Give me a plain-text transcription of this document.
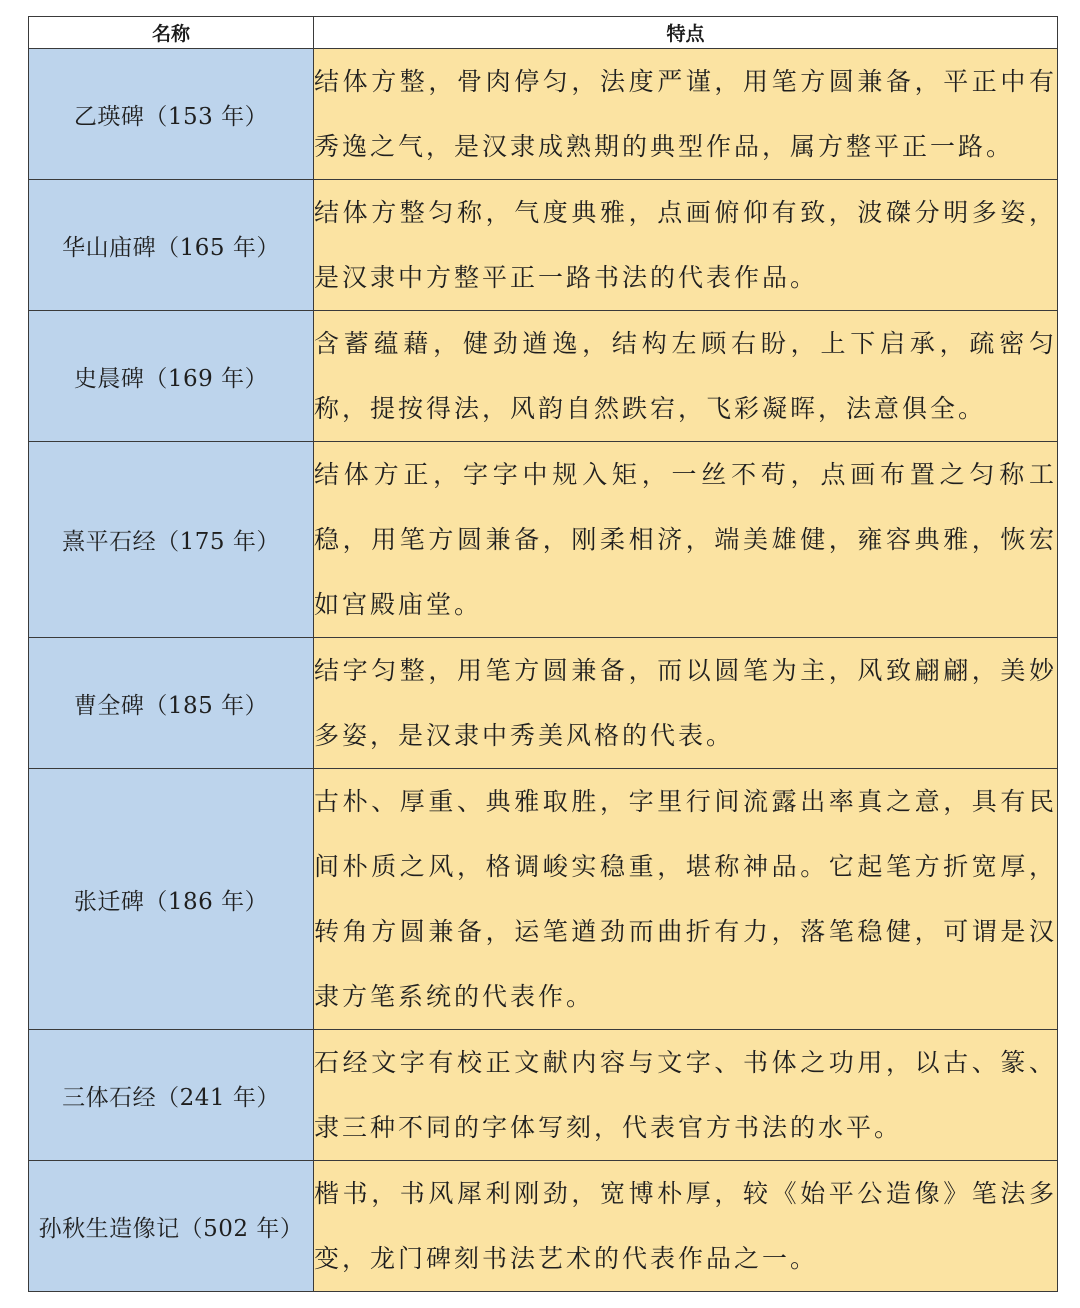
名称	特点
乙瑛碑（153 年）	结体方整，骨肉停匀，法度严谨，用笔方圆兼备，平正中有秀逸之气，是汉隶成熟期的典型作品，属方整平正一路。
华山庙碑（165 年）	结体方整匀称，气度典雅，点画俯仰有致，波磔分明多姿，是汉隶中方整平正一路书法的代表作品。
史晨碑（169 年）	含蓄蕴藉，健劲遒逸，结构左顾右盼，上下启承，疏密匀称，提按得法，风韵自然跌宕，飞彩凝晖，法意俱全。
熹平石经（175 年）	结体方正，字字中规入矩，一丝不苟，点画布置之匀称工稳，用笔方圆兼备，刚柔相济，端美雄健，雍容典雅，恢宏如宫殿庙堂。
曹全碑（185 年）	结字匀整，用笔方圆兼备，而以圆笔为主，风致翩翩，美妙多姿，是汉隶中秀美风格的代表。
张迁碑（186 年）	古朴、厚重、典雅取胜，字里行间流露出率真之意，具有民间朴质之风，格调峻实稳重，堪称神品。它起笔方折宽厚，转角方圆兼备，运笔遒劲而曲折有力，落笔稳健，可谓是汉隶方笔系统的代表作。
三体石经（241 年）	石经文字有校正文献内容与文字、书体之功用，以古、篆、隶三种不同的字体写刻，代表官方书法的水平。
孙秋生造像记（502 年）	楷书，书风犀利刚劲，宽博朴厚，较《始平公造像》笔法多变，龙门碑刻书法艺术的代表作品之一。
